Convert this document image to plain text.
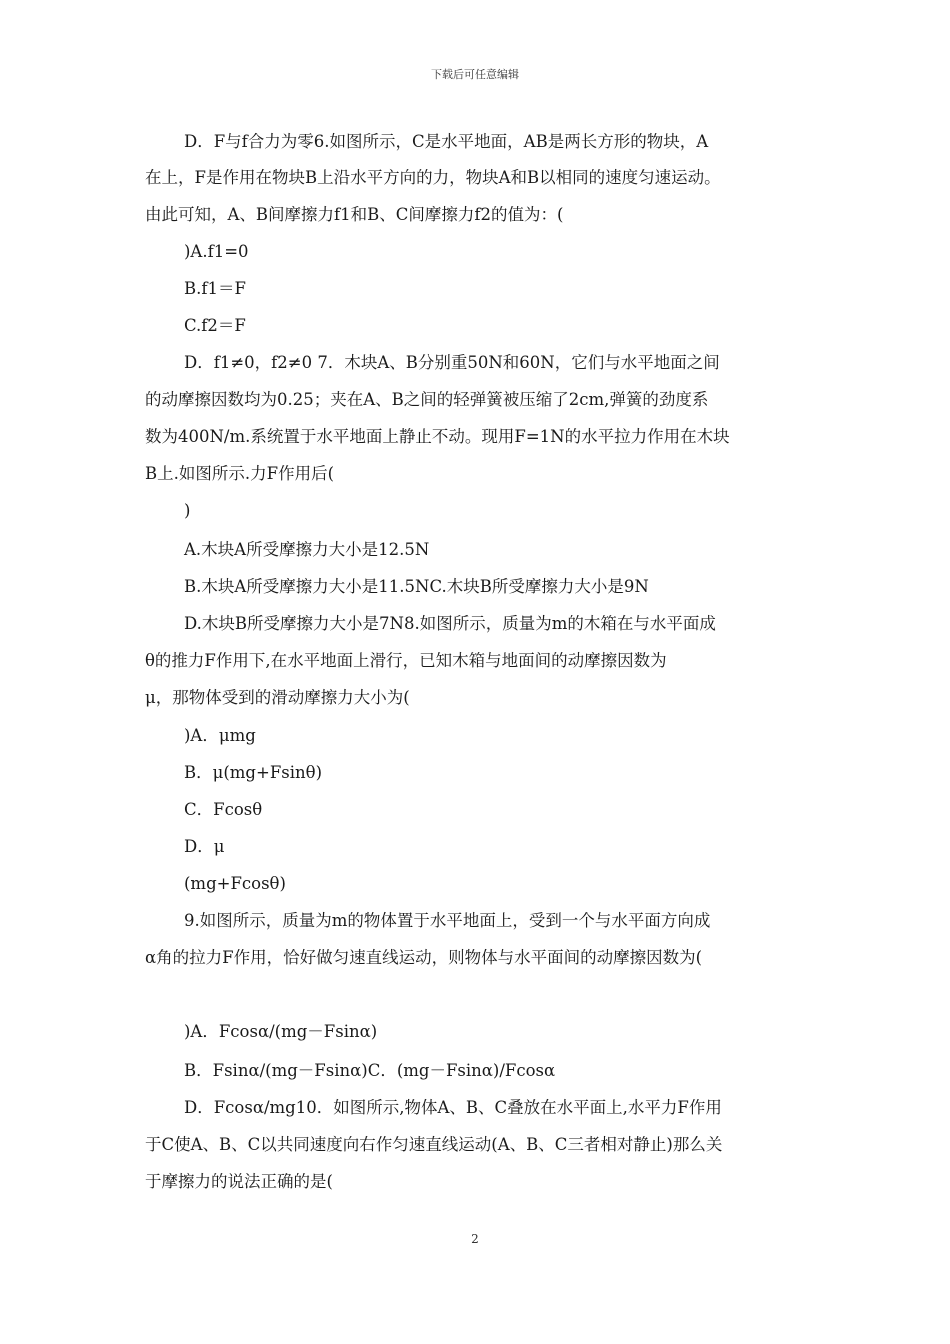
下载后可任意编辑
D．F与f合力为零6.如图所示，C是水平地面，AB是两长方形的物块，A
在上，F是作用在物块B上沿水平方向的力，物块A和B以相同的速度匀速运动。
由此可知，A、B间摩擦力f1和B、C间摩擦力f2的值为：(
)A.f1=0
B.f1＝F
C.f2＝F
D．f1≠0，f2≠0 7．木块A、B分别重50N和60N，它们与水平地面之间
的动摩擦因数均为0.25；夹在A、B之间的轻弹簧被压缩了2cm,弹簧的劲度系
数为400N/m.系统置于水平地面上静止不动。现用F=1N的水平拉力作用在木块
B上.如图所示.力F作用后(
)
A.木块A所受摩擦力大小是12.5N
B.木块A所受摩擦力大小是11.5NC.木块B所受摩擦力大小是9N
D.木块B所受摩擦力大小是7N8.如图所示，质量为m的木箱在与水平面成
θ的推力F作用下,在水平地面上滑行，已知木箱与地面间的动摩擦因数为
μ，那物体受到的滑动摩擦力大小为(
)A．μmg
B．μ(mg+Fsinθ)
C．Fcosθ
D．μ
(mg+Fcosθ)
9.如图所示，质量为m的物体置于水平地面上，受到一个与水平面方向成
α角的拉力F作用，恰好做匀速直线运动，则物体与水平面间的动摩擦因数为(
)A．Fcosα/(mg－Fsinα)
B．Fsinα/(mg－Fsinα)C．(mg－Fsinα)/Fcosα
D．Fcosα/mg10．如图所示,物体A、B、C叠放在水平面上,水平力F作用
于C使A、B、C以共同速度向右作匀速直线运动(A、B、C三者相对静止)那么关
于摩擦力的说法正确的是(
2
